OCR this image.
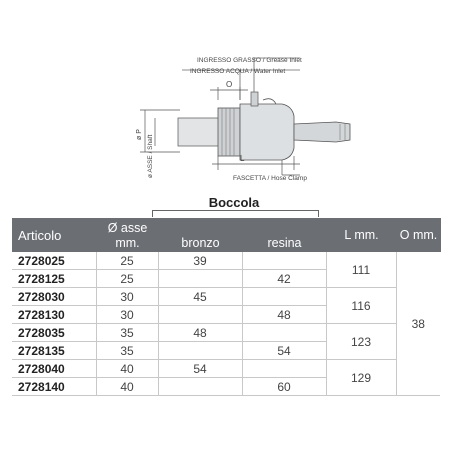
INGRESSO GRASSO / Grease Inlet
INGRESSO ACQUA / Water Inlet
O
ø P
ø ASSE / Shaft	L
FASCETTA / Hose Clamp
Boccola
Articolo	Ø asse
mm.	bronzo	resina	L mm.	O mm.

2728025	25	39		111	38
2728125	25		42		
2728030	30	45		116	
2728130	30		48		
2728035	35	48		123	
2728135	35		54		
2728040	40	54		129	
2728140	40		60		
